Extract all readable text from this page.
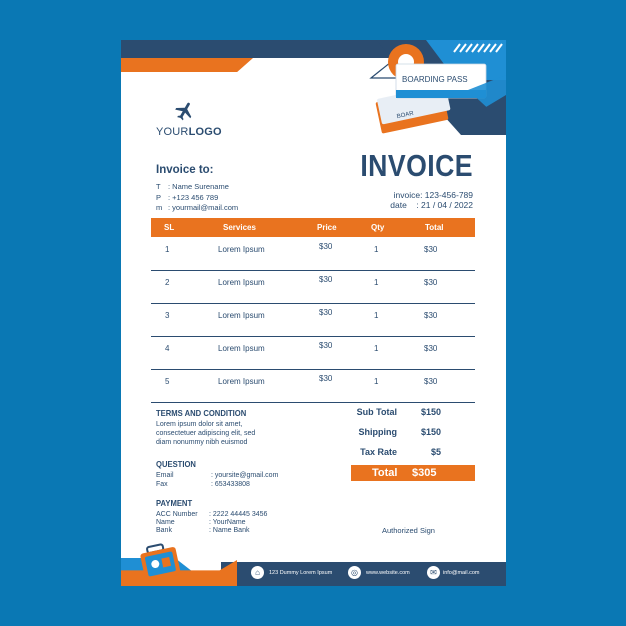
BOARDING PASS
BOAR
YOURLOGO
Invoice to:
T : Name Surename
P : +123 456 789
m : yourmail@mail.com
INVOICE
invoice: 123-456-789
date    : 21 / 04 / 2022
SL	Services	Price	Qty	Total
1	Lorem Ipsum	$30	1	$30
2	Lorem Ipsum	$30	1	$30
3	Lorem Ipsum	$30	1	$30
4	Lorem Ipsum	$30	1	$30
5	Lorem Ipsum	$30	1	$30
TERMS AND CONDITION
Lorem ipsum dolor sit amet,
consectetuer adipiscing elit, sed
diam nonummy nibh euismod
QUESTION
Email	: yoursite@gmail.com
Fax	: 653433808
PAYMENT
ACC Number : 2222 44445 3456
Name	: YourName
Bank	: Name Bank
Sub Total	$150
Shipping	$150
Tax Rate	$5
Total $305
Authorized Sign
⌂	123 Dummy Lorem Ipsum	◎	www.website.com	✉	info@mail.com
